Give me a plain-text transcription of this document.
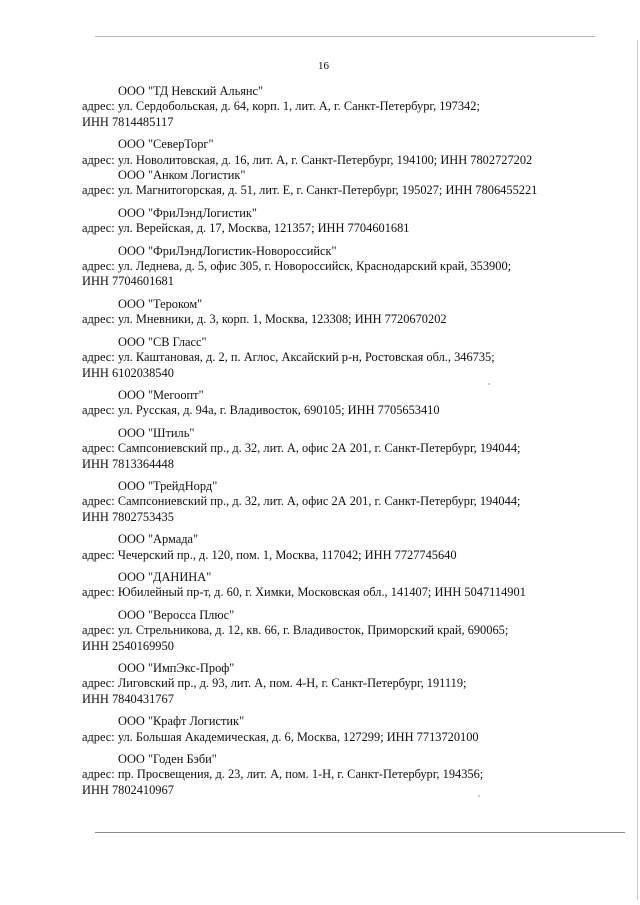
16
ООО "ТД Невский Альянс"
адрес: ул. Сердобольская, д. 64, корп. 1, лит. А, г. Санкт-Петербург, 197342;
ИНН 7814485117
ООО "СеверТорг"
адрес: ул. Новолитовская, д. 16, лит. А, г. Санкт-Петербург, 194100; ИНН 7802727202
ООО "Анком Логистик"
адрес: ул. Магнитогорская, д. 51, лит. Е, г. Санкт-Петербург, 195027; ИНН 7806455221
ООО "ФриЛэндЛогистик"
адрес: ул. Верейская, д. 17, Москва, 121357; ИНН 7704601681
ООО "ФриЛэндЛогистик-Новороссийск"
адрес: ул. Леднева, д. 5, офис 305, г. Новороссийск, Краснодарский край, 353900;
ИНН 7704601681
ООО "Тероком"
адрес: ул. Мневники, д. 3, корп. 1, Москва, 123308; ИНН 7720670202
ООО "СВ Гласс"
адрес: ул. Каштановая, д. 2, п. Аглос, Аксайский р-н, Ростовская обл., 346735;
ИНН 6102038540
ООО "Мегоопт"
адрес: ул. Русская, д. 94а, г. Владивосток, 690105; ИНН 7705653410
ООО "Штиль"
адрес: Сампсониевский пр., д. 32, лит. А, офис 2А 201, г. Санкт-Петербург, 194044;
ИНН 7813364448
ООО "ТрейдНорд"
адрес: Сампсониевский пр., д. 32, лит. А, офис 2А 201, г. Санкт-Петербург, 194044;
ИНН 7802753435
ООО "Армада"
адрес: Чечерский пр., д. 120, пом. 1, Москва, 117042; ИНН 7727745640
ООО "ДАНИНА"
адрес: Юбилейный пр-т, д. 60, г. Химки, Московская обл., 141407; ИНН 5047114901
ООО "Веросса Плюс"
адрес: ул. Стрельникова, д. 12, кв. 66, г. Владивосток, Приморский край, 690065;
ИНН 2540169950
ООО "ИмпЭкс-Проф"
адрес: Лиговский пр., д. 93, лит. А, пом. 4-Н, г. Санкт-Петербург, 191119;
ИНН 7840431767
ООО "Крафт Логистик"
адрес: ул. Большая Академическая, д. 6, Москва, 127299; ИНН 7713720100
ООО "Годен Бэби"
адрес: пр. Просвещения, д. 23, лит. А, пом. 1-Н, г. Санкт-Петербург, 194356;
ИНН 7802410967
